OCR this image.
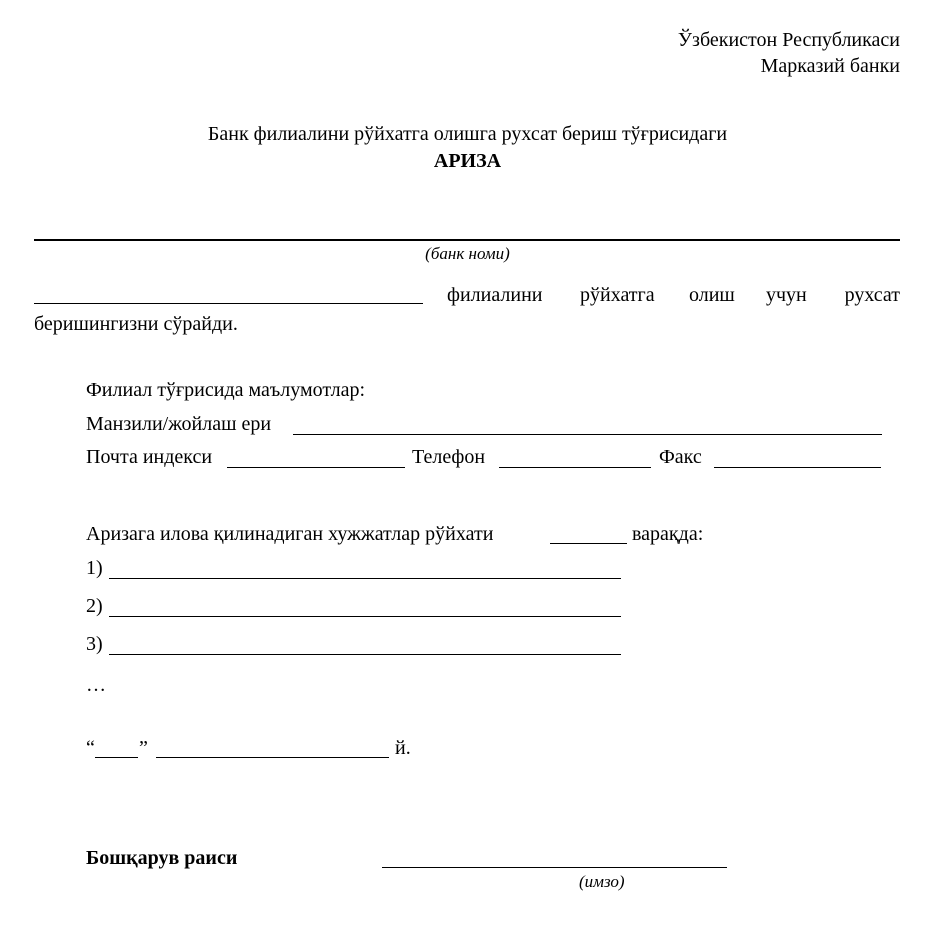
Ўзбекистон Республикаси
Марказий банки
Банк филиалини рўйхатга олишга рухсат бериш тўғрисидаги
АРИЗА
(банк номи)
филиалини рўйхатга олиш учун рухсат
беришингизни сўрайди.
Филиал тўғрисида маълумотлар:
Манзили/жойлаш ери
Почта индекси	Телефон	Факс
Аризага илова қилинадиган хужжатлар рўйхати	варақда:
1)
2)
3)
…
“ ”	й.
Бошқарув раиси
(имзо)
